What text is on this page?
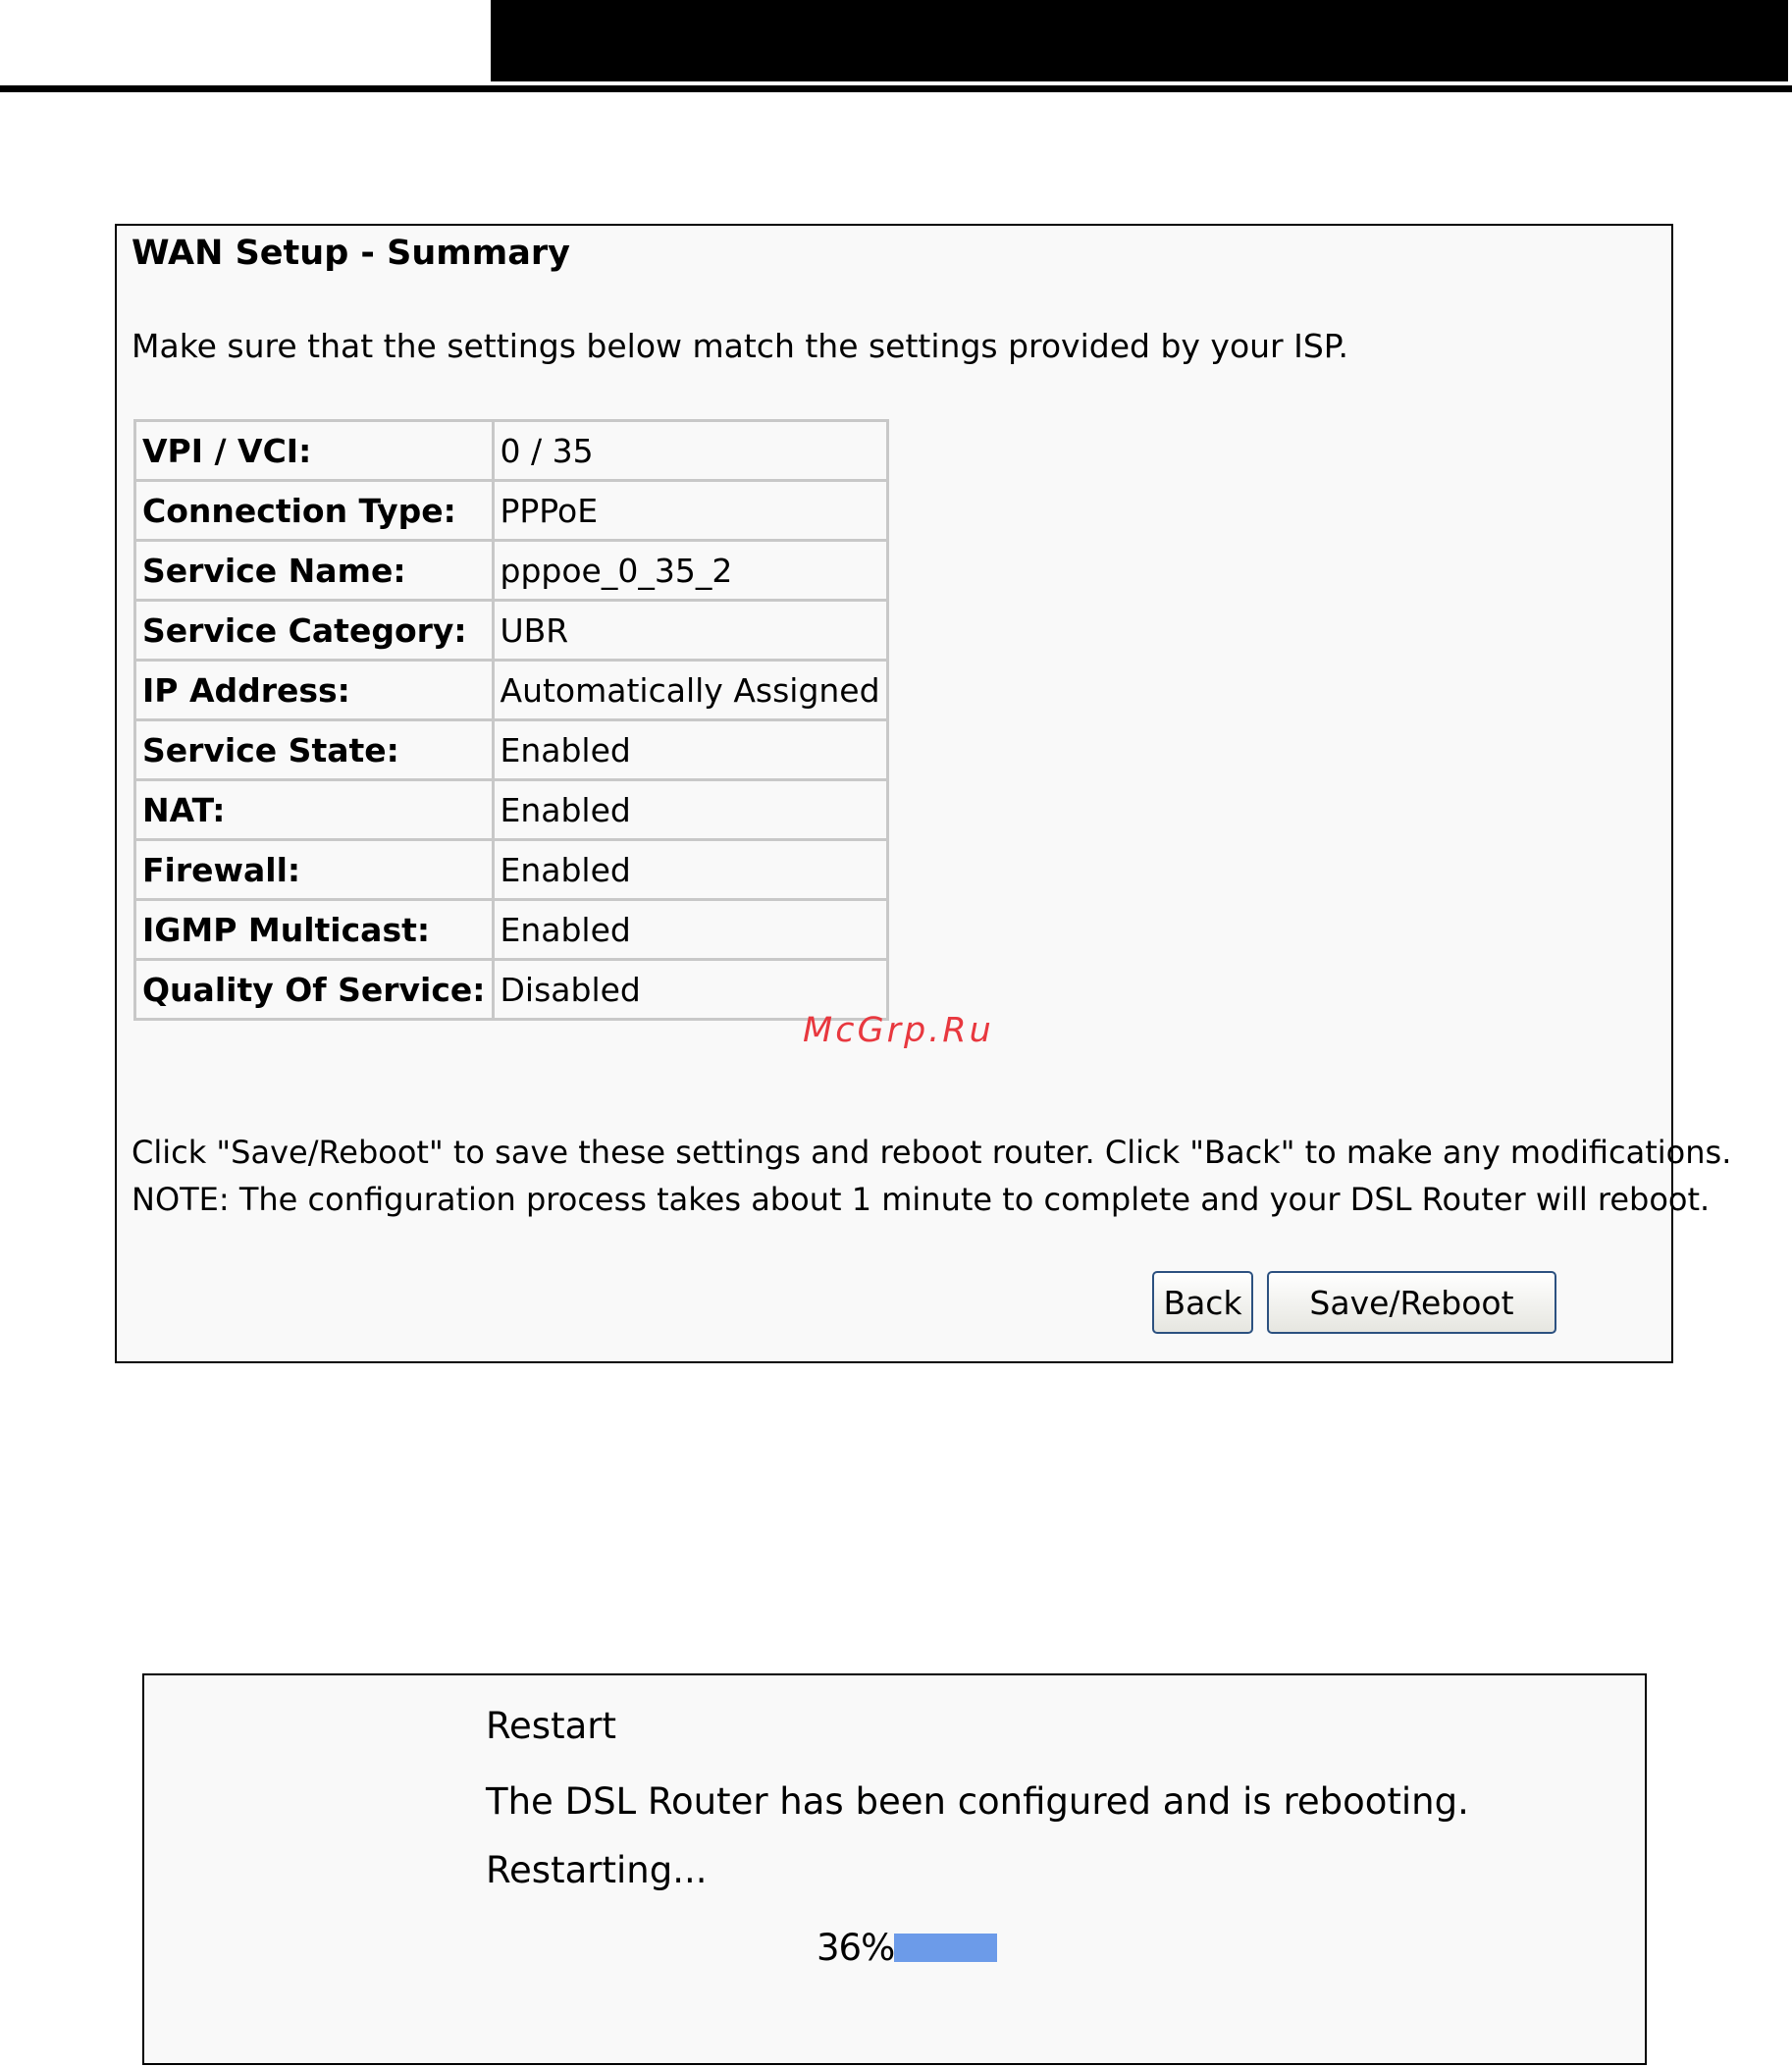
WAN Setup - Summary
Make sure that the settings below match the settings provided by your ISP.
VPI / VCI:	0 / 35
Connection Type:	PPPoE
Service Name:	pppoe_0_35_2
Service Category:	UBR
IP Address:	Automatically Assigned
Service State:	Enabled
NAT:	Enabled
Firewall:	Enabled
IGMP Multicast:	Enabled
Quality Of Service:	Disabled
Click "Save/Reboot" to save these settings and reboot router. Click "Back" to make any modifications.
NOTE: The configuration process takes about 1 minute to complete and your DSL Router will reboot.
Back	Save/Reboot
Restart
The DSL Router has been configured and is rebooting.
Restarting...
36%
McGrp.Ru
